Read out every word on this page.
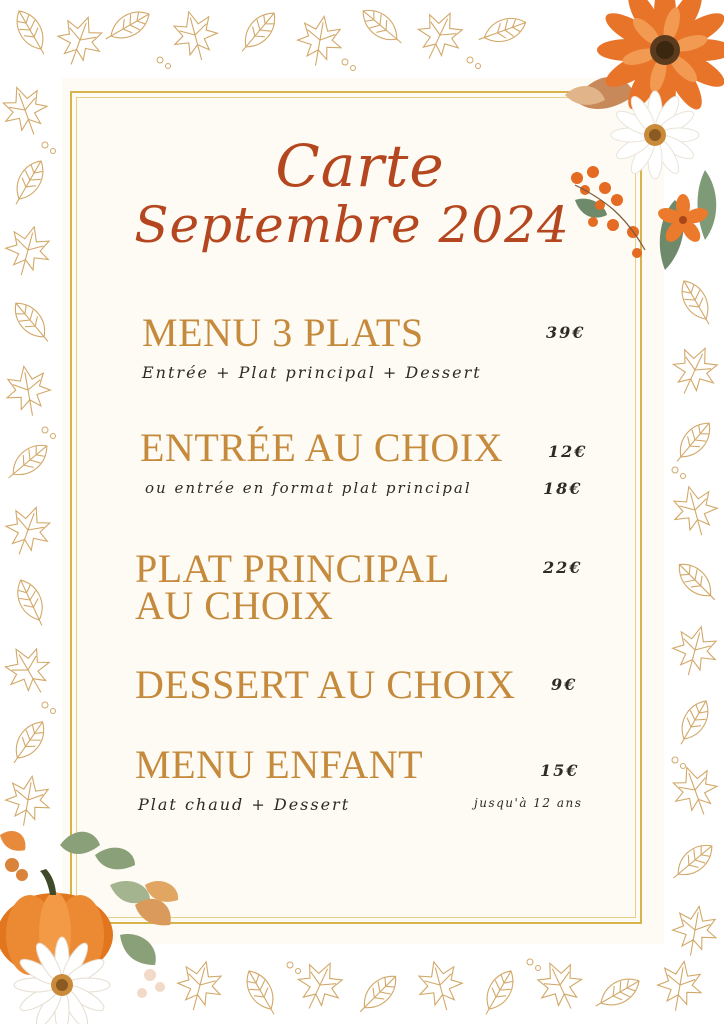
Carte
Septembre 2024
MENU 3 PLATS
Entrée + Plat principal + Dessert
39€
ENTRÉE AU CHOIX
ou entrée en format plat principal
12€
18€
PLAT PRINCIPAL
AU CHOIX
22€
DESSERT AU CHOIX 9€
MENU ENFANT
Plat chaud + Dessert	jusqu'à 12 ans
15€
